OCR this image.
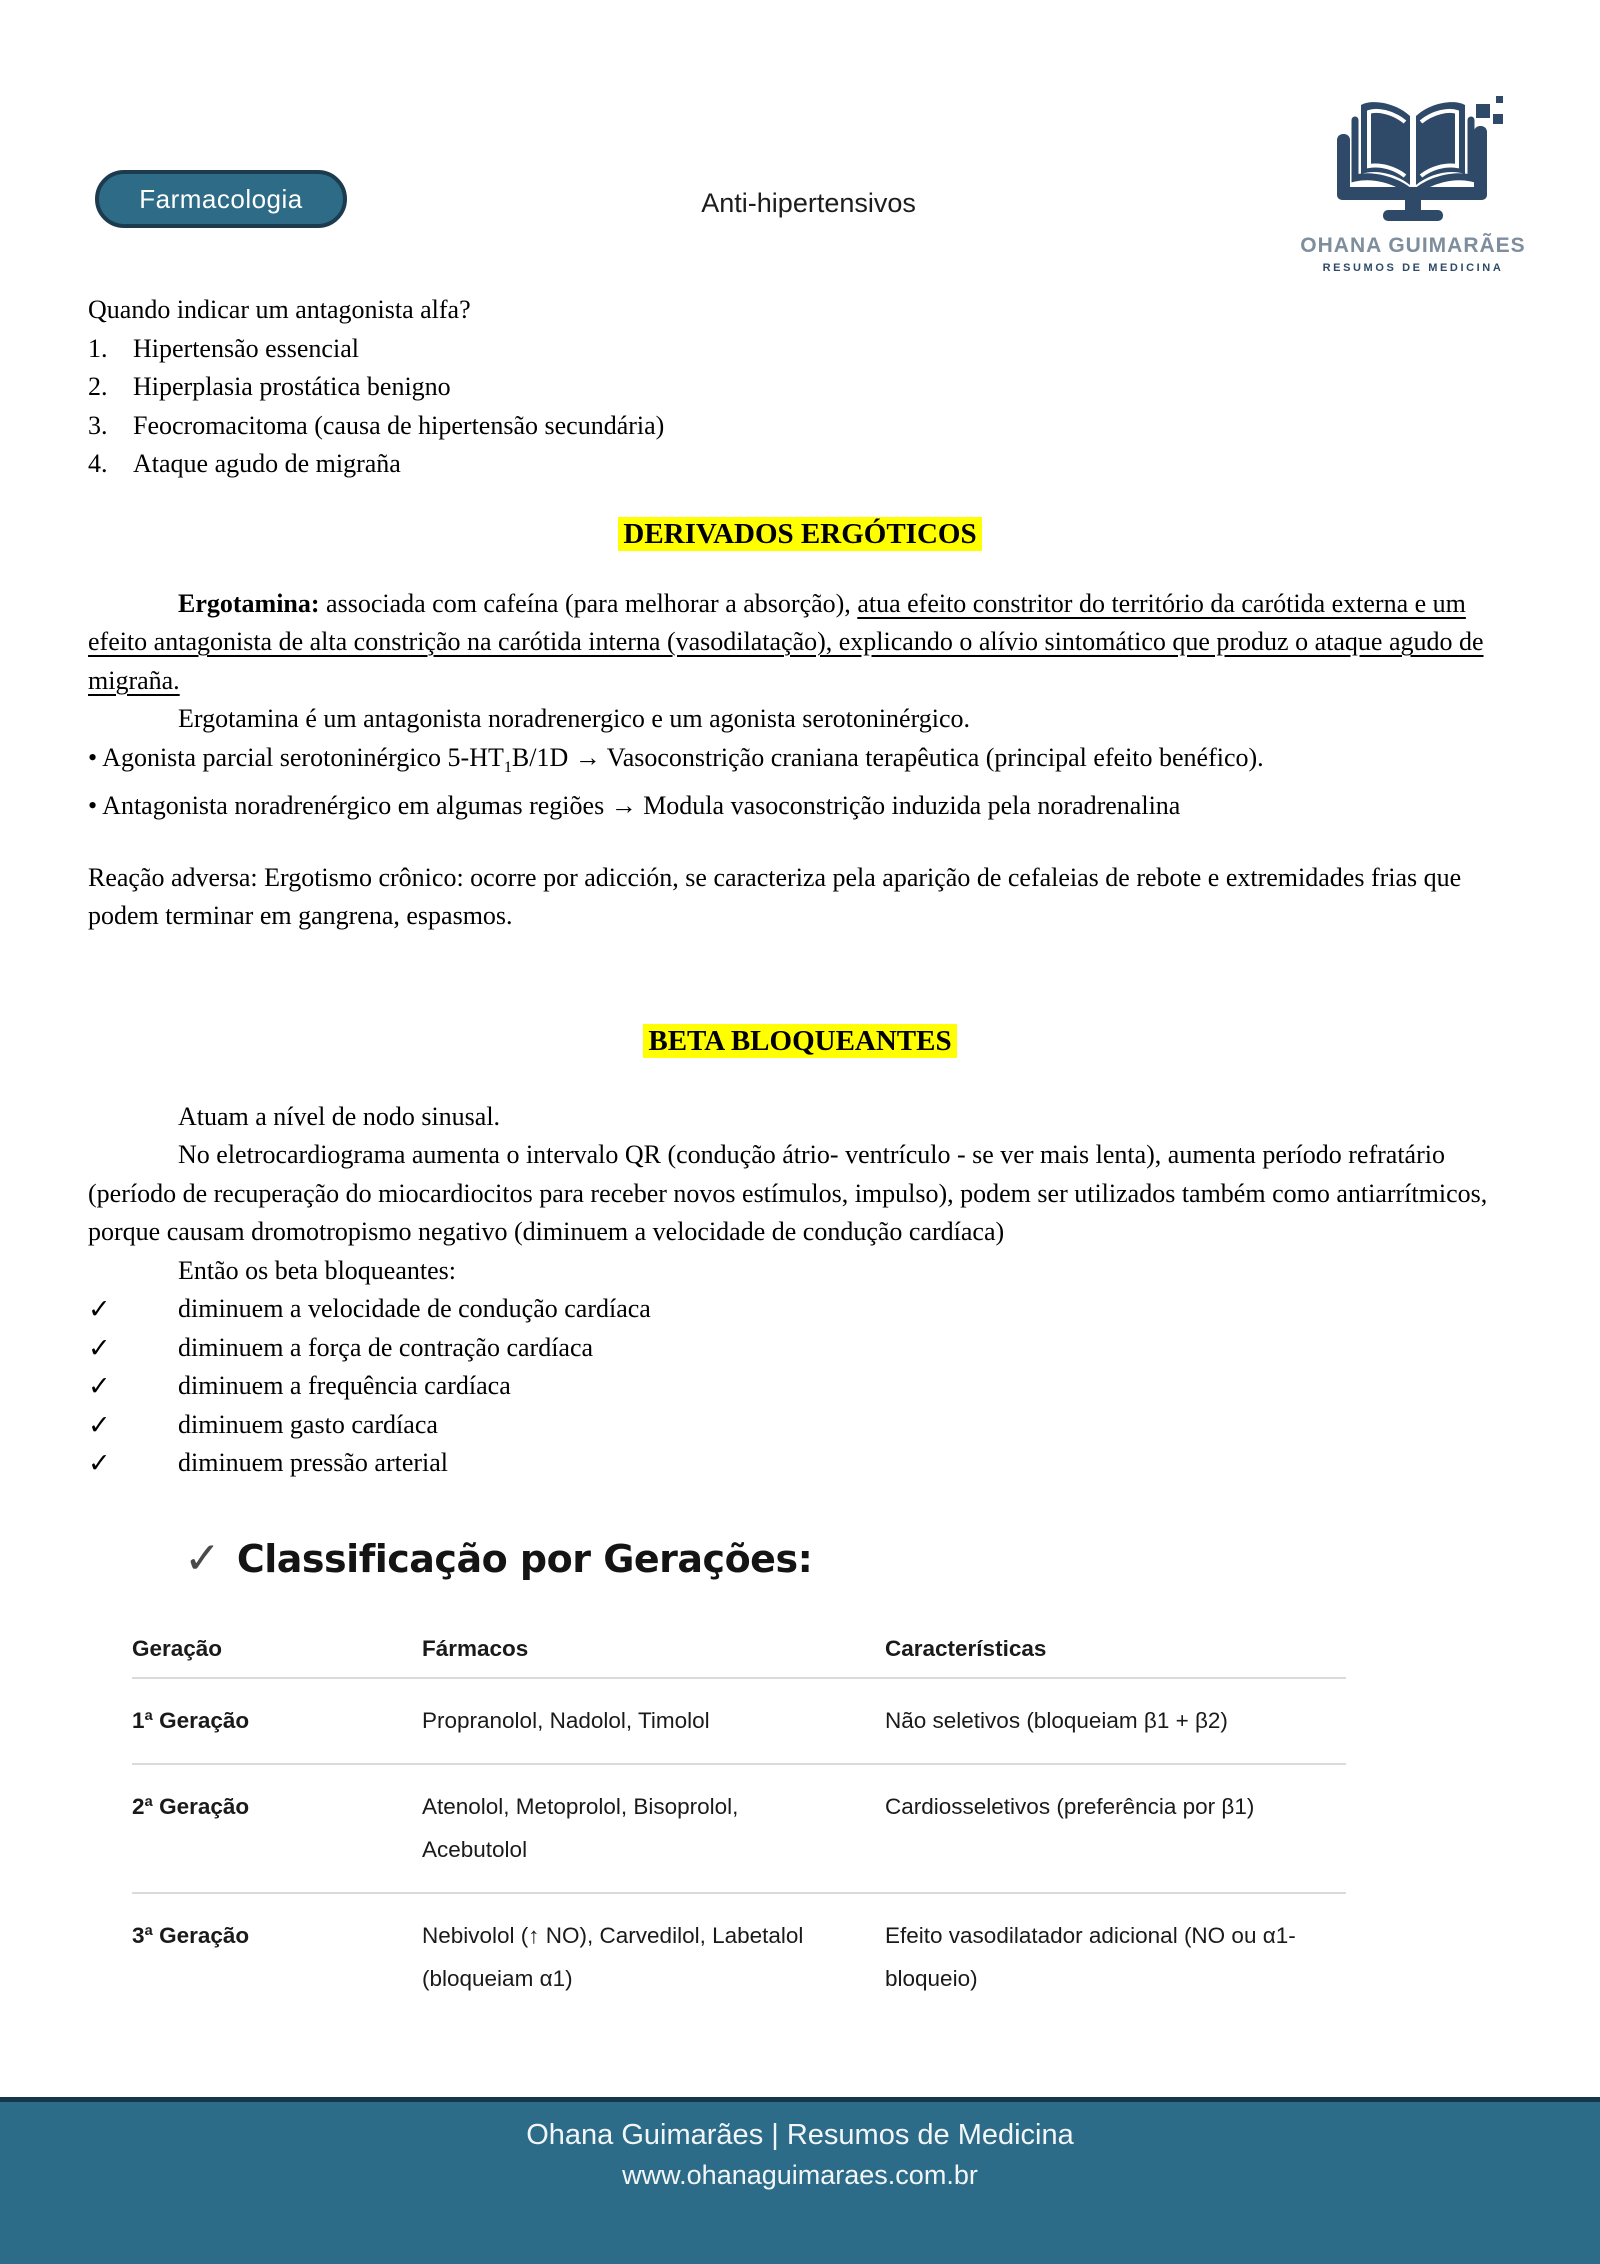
Farmacologia	Anti-hipertensivos
OHANA GUIMARÃES
RESUMOS DE MEDICINA

Quando indicar um antagonista alfa?

1. Hipertensão essencial
2. Hiperplasia prostática benigno
3. Feocromacitoma (causa de hipertensão secundária)
4. Ataque agudo de migraña
DERIVADOS ERGÓTICOS

Ergotamina: associada com cafeína (para melhorar a absorção), atua efeito constritor do território da carótida externa e um efeito antagonista de alta constrição na carótida interna (vasodilatação), explicando o alívio sintomático que produz o ataque agudo de migraña.

Ergotamina é um antagonista noradrenergico e um agonista serotoninérgico.

• Agonista parcial serotoninérgico $5-HT_1B/1D$ → Vasoconstrição craniana terapêutica (principal efeito benéfico).

• Antagonista noradrenérgico em algumas regiões → Modula vasoconstrição induzida pela noradrenalina

Reação adversa: Ergotismo crônico: ocorre por adicción, se caracteriza pela aparição de cefaleias de rebote e extremidades frias que podem terminar em gangrena, espasmos.

BETA BLOQUEANTES

Atuam a nível de nodo sinusal.

No eletrocardiograma aumenta o intervalo QR (condução átrio- ventrículo - se ver mais lenta), aumenta período refratário (período de recuperação do miocardiocitos para receber novos estímulos, impulso), podem ser utilizados também como antiarrítmicos, porque causam dromotropismo negativo (diminuem a velocidade de condução cardíaca)

Então os beta bloqueantes:

✓	diminuem a velocidade de condução cardíaca
✓	diminuem a força de contração cardíaca
✓	diminuem a frequência cardíaca
✓	diminuem gasto cardíaca
✓	diminuem pressão arterial
✓ Classificação por Gerações:
Geração	Fármacos	Características
1ª Geração	Propranolol, Nadolol, Timolol	Não seletivos (bloqueiam β1 + β2)
2ª Geração	Atenolol, Metoprolol, Bisoprolol, Acebutolol	Cardiosseletivos (preferência por β1)
3ª Geração	Nebivolol (↑ NO), Carvedilol, Labetalol (bloqueiam α1)	Efeito vasodilatador adicional (NO ou α1-bloqueio)
Ohana Guimarães | Resumos de Medicina
www.ohanaguimaraes.com.br
